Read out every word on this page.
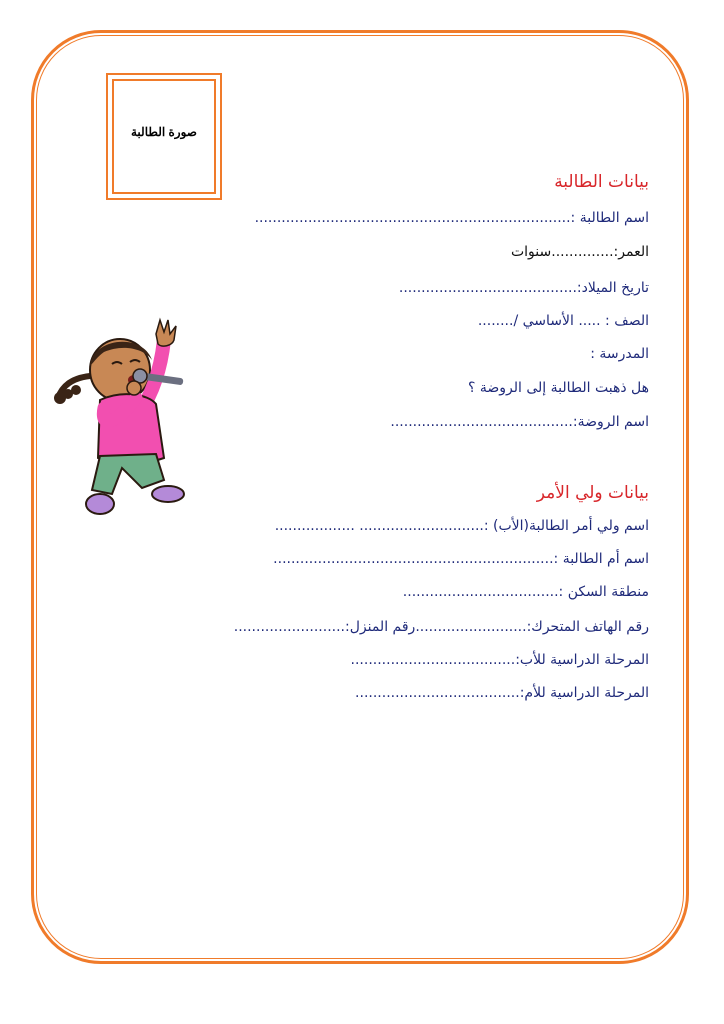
صورة الطالبة
بيانات الطالبة
اسم الطالبة :.......................................................................
العمر:..............سنوات
تاريخ الميلاد:........................................
الصف : ..... الأساسي /........
المدرسة :
هل ذهبت الطالبة إلى الروضة ؟
اسم الروضة:.........................................
بيانات ولي الأمر
اسم ولي أمر الطالبة(الأب) :............................ ..................
اسم أم الطالبة :...............................................................
منطقة السكن :...................................
رقم الهاتف المتحرك:.........................رقم المنزل:.........................
المرحلة الدراسية للأب:.....................................
المرحلة الدراسية للأم:.....................................
